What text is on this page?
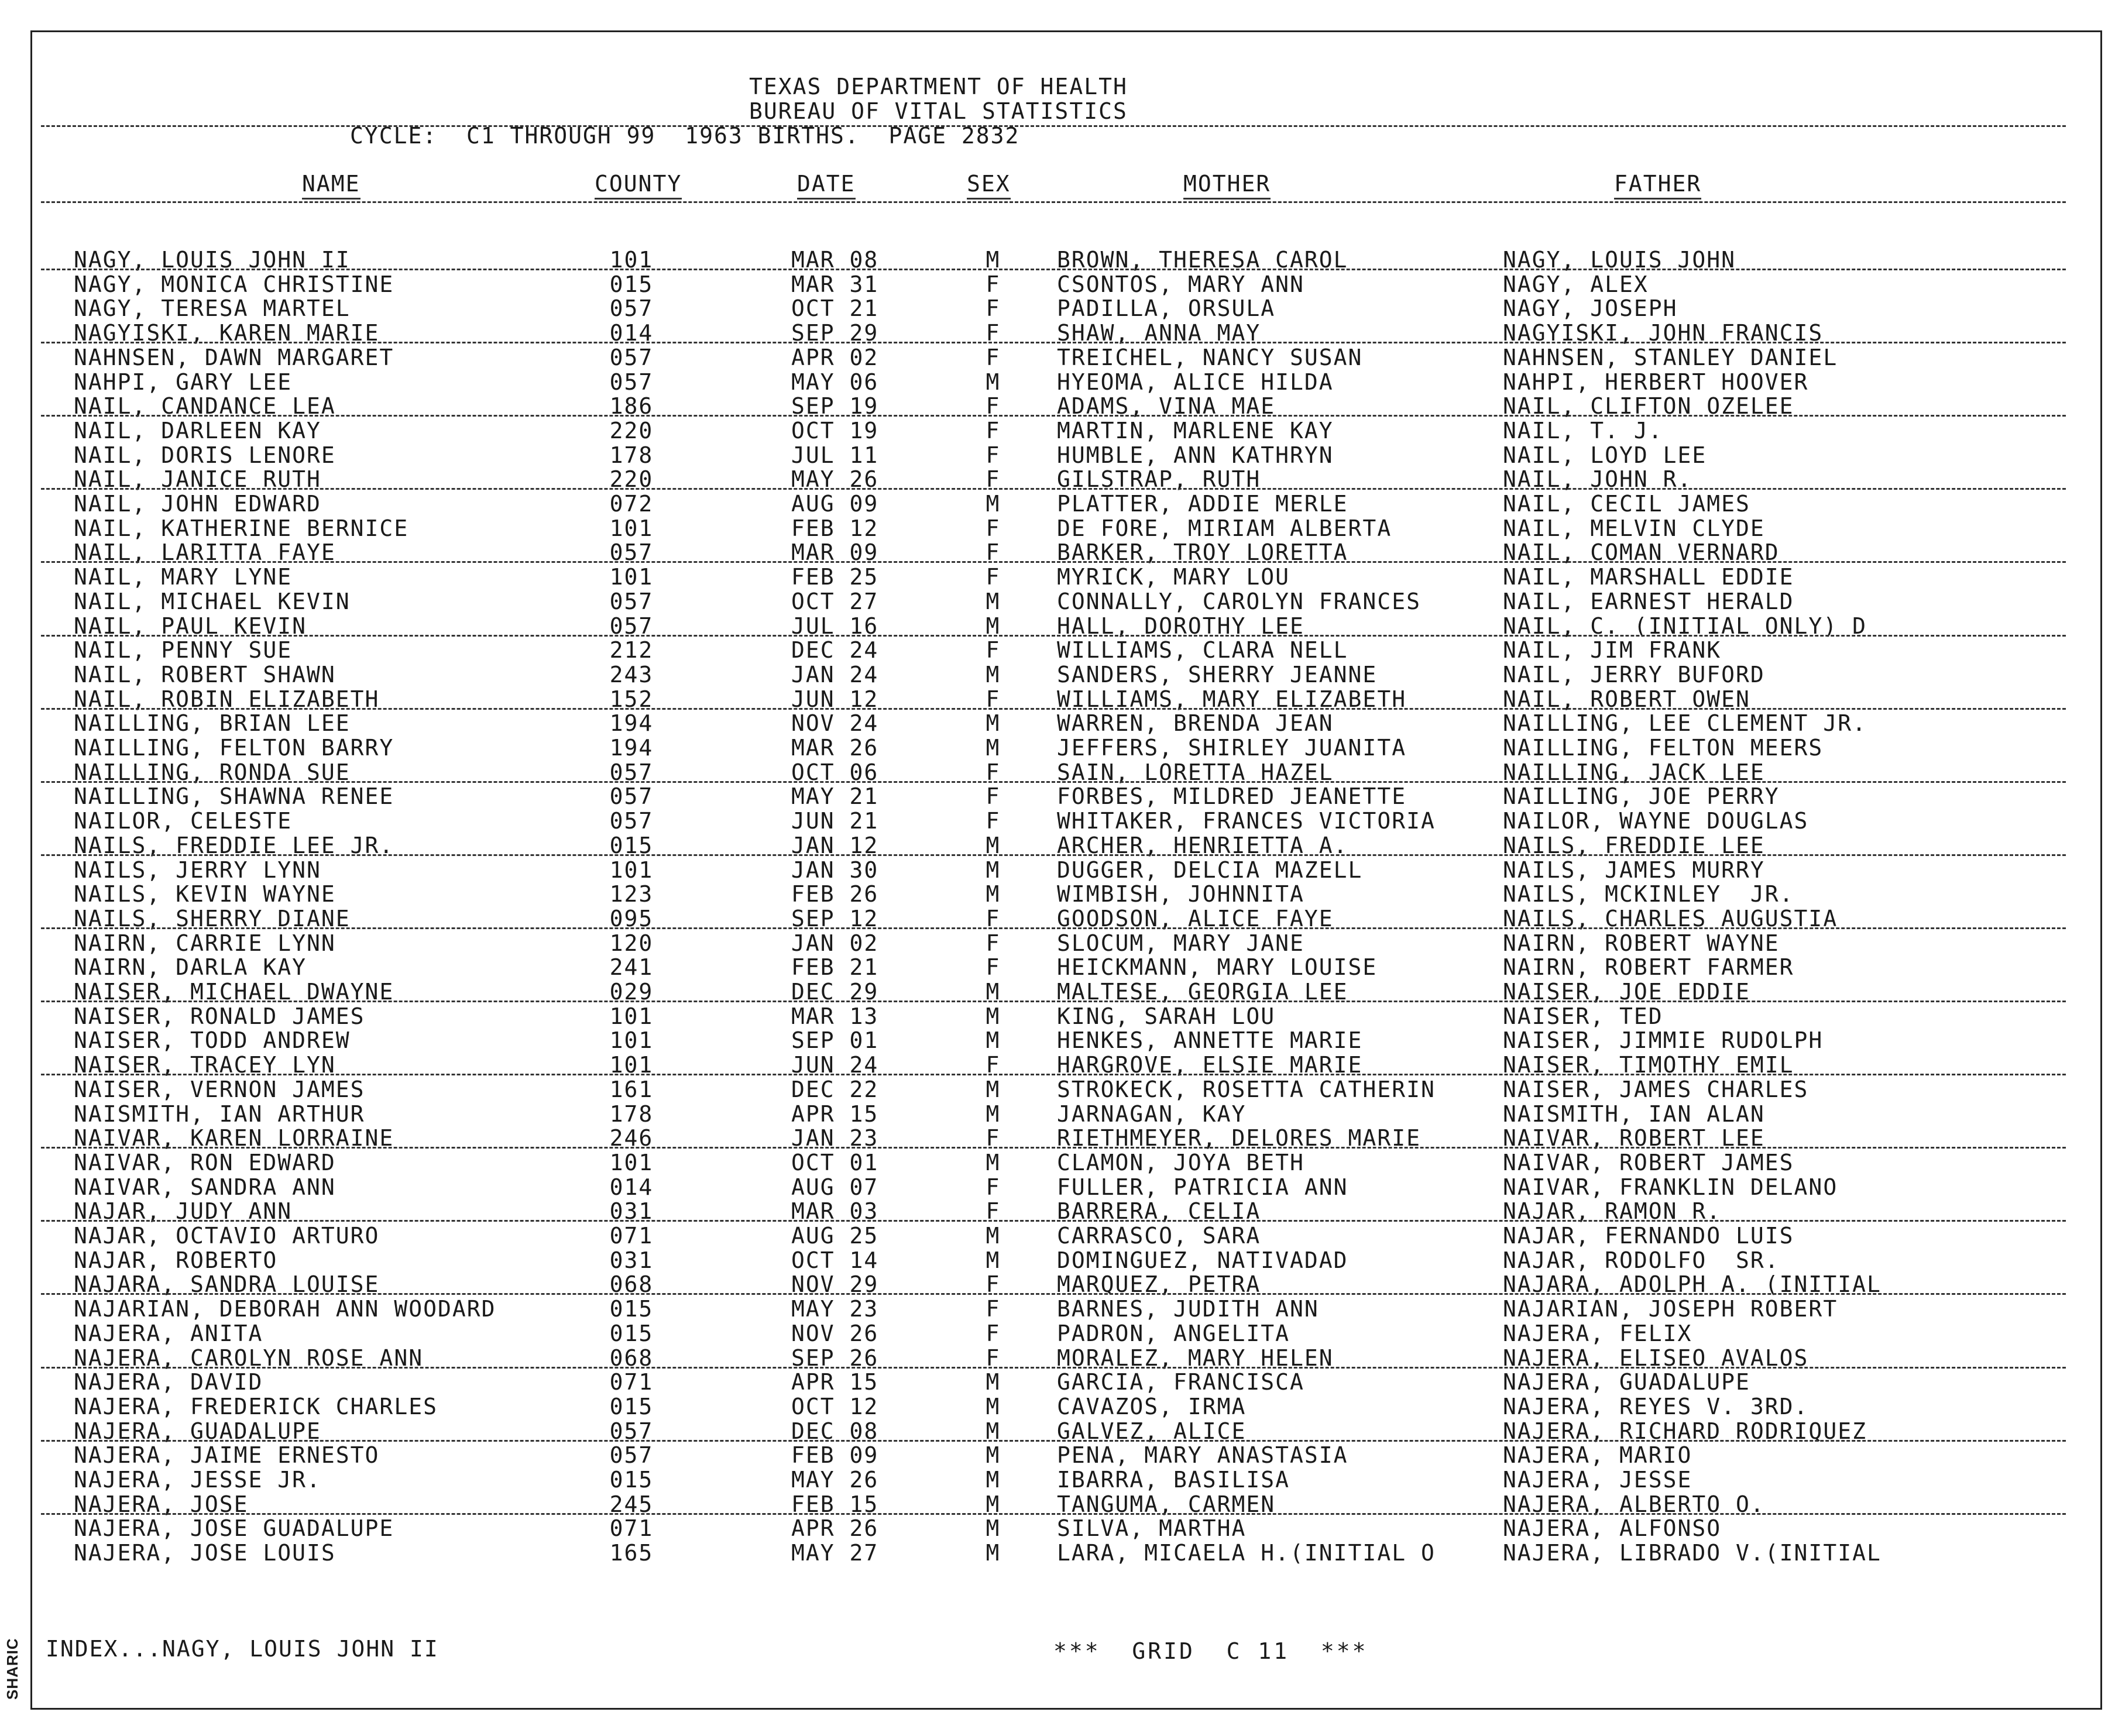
TEXAS DEPARTMENT OF HEALTH
BUREAU OF VITAL STATISTICS
CYCLE:  C1 THROUGH 99  1963 BIRTHS.  PAGE 2832
NAME	COUNTY	DATE	SEX	MOTHER	FATHER
NAGY, LOUIS JOHN II	101	MAR 08	M	BROWN, THERESA CAROL	NAGY, LOUIS JOHN
NAGY, MONICA CHRISTINE	015	MAR 31	F	CSONTOS, MARY ANN	NAGY, ALEX
NAGY, TERESA MARTEL	057	OCT 21	F	PADILLA, ORSULA	NAGY, JOSEPH
NAGYISKI, KAREN MARIE	014	SEP 29	F	SHAW, ANNA MAY	NAGYISKI, JOHN FRANCIS
NAHNSEN, DAWN MARGARET	057	APR 02	F	TREICHEL, NANCY SUSAN	NAHNSEN, STANLEY DANIEL
NAHPI, GARY LEE	057	MAY 06	M	HYEOMA, ALICE HILDA	NAHPI, HERBERT HOOVER
NAIL, CANDANCE LEA	186	SEP 19	F	ADAMS, VINA MAE	NAIL, CLIFTON OZELEE
NAIL, DARLEEN KAY	220	OCT 19	F	MARTIN, MARLENE KAY	NAIL, T. J.
NAIL, DORIS LENORE	178	JUL 11	F	HUMBLE, ANN KATHRYN	NAIL, LOYD LEE
NAIL, JANICE RUTH	220	MAY 26	F	GILSTRAP, RUTH	NAIL, JOHN R.
NAIL, JOHN EDWARD	072	AUG 09	M	PLATTER, ADDIE MERLE	NAIL, CECIL JAMES
NAIL, KATHERINE BERNICE	101	FEB 12	F	DE FORE, MIRIAM ALBERTA	NAIL, MELVIN CLYDE
NAIL, LARITTA FAYE	057	MAR 09	F	BARKER, TROY LORETTA	NAIL, COMAN VERNARD
NAIL, MARY LYNE	101	FEB 25	F	MYRICK, MARY LOU	NAIL, MARSHALL EDDIE
NAIL, MICHAEL KEVIN	057	OCT 27	M	CONNALLY, CAROLYN FRANCES	NAIL, EARNEST HERALD
NAIL, PAUL KEVIN	057	JUL 16	M	HALL, DOROTHY LEE	NAIL, C. (INITIAL ONLY) D
NAIL, PENNY SUE	212	DEC 24	F	WILLIAMS, CLARA NELL	NAIL, JIM FRANK
NAIL, ROBERT SHAWN	243	JAN 24	M	SANDERS, SHERRY JEANNE	NAIL, JERRY BUFORD
NAIL, ROBIN ELIZABETH	152	JUN 12	F	WILLIAMS, MARY ELIZABETH	NAIL, ROBERT OWEN
NAILLING, BRIAN LEE	194	NOV 24	M	WARREN, BRENDA JEAN	NAILLING, LEE CLEMENT JR.
NAILLING, FELTON BARRY	194	MAR 26	M	JEFFERS, SHIRLEY JUANITA	NAILLING, FELTON MEERS
NAILLING, RONDA SUE	057	OCT 06	F	SAIN, LORETTA HAZEL	NAILLING, JACK LEE
NAILLING, SHAWNA RENEE	057	MAY 21	F	FORBES, MILDRED JEANETTE	NAILLING, JOE PERRY
NAILOR, CELESTE	057	JUN 21	F	WHITAKER, FRANCES VICTORIA	NAILOR, WAYNE DOUGLAS
NAILS, FREDDIE LEE JR.	015	JAN 12	M	ARCHER, HENRIETTA A.	NAILS, FREDDIE LEE
NAILS, JERRY LYNN	101	JAN 30	M	DUGGER, DELCIA MAZELL	NAILS, JAMES MURRY
NAILS, KEVIN WAYNE	123	FEB 26	M	WIMBISH, JOHNNITA	NAILS, MCKINLEY  JR.
NAILS, SHERRY DIANE	095	SEP 12	F	GOODSON, ALICE FAYE	NAILS, CHARLES AUGUSTIA
NAIRN, CARRIE LYNN	120	JAN 02	F	SLOCUM, MARY JANE	NAIRN, ROBERT WAYNE
NAIRN, DARLA KAY	241	FEB 21	F	HEICKMANN, MARY LOUISE	NAIRN, ROBERT FARMER
NAISER, MICHAEL DWAYNE	029	DEC 29	M	MALTESE, GEORGIA LEE	NAISER, JOE EDDIE
NAISER, RONALD JAMES	101	MAR 13	M	KING, SARAH LOU	NAISER, TED
NAISER, TODD ANDREW	101	SEP 01	M	HENKES, ANNETTE MARIE	NAISER, JIMMIE RUDOLPH
NAISER, TRACEY LYN	101	JUN 24	F	HARGROVE, ELSIE MARIE	NAISER, TIMOTHY EMIL
NAISER, VERNON JAMES	161	DEC 22	M	STROKECK, ROSETTA CATHERIN	NAISER, JAMES CHARLES
NAISMITH, IAN ARTHUR	178	APR 15	M	JARNAGAN, KAY	NAISMITH, IAN ALAN
NAIVAR, KAREN LORRAINE	246	JAN 23	F	RIETHMEYER, DELORES MARIE	NAIVAR, ROBERT LEE
NAIVAR, RON EDWARD	101	OCT 01	M	CLAMON, JOYA BETH	NAIVAR, ROBERT JAMES
NAIVAR, SANDRA ANN	014	AUG 07	F	FULLER, PATRICIA ANN	NAIVAR, FRANKLIN DELANO
NAJAR, JUDY ANN	031	MAR 03	F	BARRERA, CELIA	NAJAR, RAMON R.
NAJAR, OCTAVIO ARTURO	071	AUG 25	M	CARRASCO, SARA	NAJAR, FERNANDO LUIS
NAJAR, ROBERTO	031	OCT 14	M	DOMINGUEZ, NATIVADAD	NAJAR, RODOLFO  SR.
NAJARA, SANDRA LOUISE	068	NOV 29	F	MARQUEZ, PETRA	NAJARA, ADOLPH A. (INITIAL
NAJARIAN, DEBORAH ANN WOODARD	015	MAY 23	F	BARNES, JUDITH ANN	NAJARIAN, JOSEPH ROBERT
NAJERA, ANITA	015	NOV 26	F	PADRON, ANGELITA	NAJERA, FELIX
NAJERA, CAROLYN ROSE ANN	068	SEP 26	F	MORALEZ, MARY HELEN	NAJERA, ELISEO AVALOS
NAJERA, DAVID	071	APR 15	M	GARCIA, FRANCISCA	NAJERA, GUADALUPE
NAJERA, FREDERICK CHARLES	015	OCT 12	M	CAVAZOS, IRMA	NAJERA, REYES V. 3RD.
NAJERA, GUADALUPE	057	DEC 08	M	GALVEZ, ALICE	NAJERA, RICHARD RODRIQUEZ
NAJERA, JAIME ERNESTO	057	FEB 09	M	PENA, MARY ANASTASIA	NAJERA, MARIO
NAJERA, JESSE JR.	015	MAY 26	M	IBARRA, BASILISA	NAJERA, JESSE
NAJERA, JOSE	245	FEB 15	M	TANGUMA, CARMEN	NAJERA, ALBERTO O.
NAJERA, JOSE GUADALUPE	071	APR 26	M	SILVA, MARTHA	NAJERA, ALFONSO
NAJERA, JOSE LOUIS	165	MAY 27	M	LARA, MICAELA H.(INITIAL O	NAJERA, LIBRADO V.(INITIAL
INDEX...NAGY, LOUIS JOHN II	***  GRID  C 11  ***
SHARIC
